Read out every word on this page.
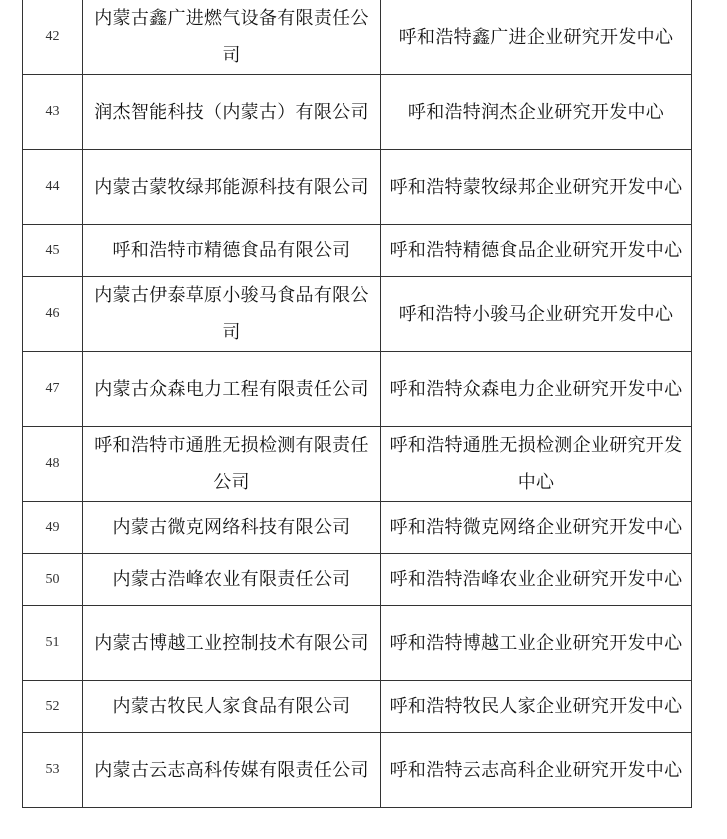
42	内蒙古鑫广进燃气设备有限责任公司	呼和浩特鑫广进企业研究开发中心
43	润杰智能科技（内蒙古）有限公司	呼和浩特润杰企业研究开发中心
44	内蒙古蒙牧绿邦能源科技有限公司	呼和浩特蒙牧绿邦企业研究开发中心
45	呼和浩特市精德食品有限公司	呼和浩特精德食品企业研究开发中心
46	内蒙古伊泰草原小骏马食品有限公司	呼和浩特小骏马企业研究开发中心
47	内蒙古众森电力工程有限责任公司	呼和浩特众森电力企业研究开发中心
48	呼和浩特市通胜无损检测有限责任公司	呼和浩特通胜无损检测企业研究开发中心
49	内蒙古微克网络科技有限公司	呼和浩特微克网络企业研究开发中心
50	内蒙古浩峰农业有限责任公司	呼和浩特浩峰农业企业研究开发中心
51	内蒙古博越工业控制技术有限公司	呼和浩特博越工业企业研究开发中心
52	内蒙古牧民人家食品有限公司	呼和浩特牧民人家企业研究开发中心
53	内蒙古云志高科传媒有限责任公司	呼和浩特云志高科企业研究开发中心
